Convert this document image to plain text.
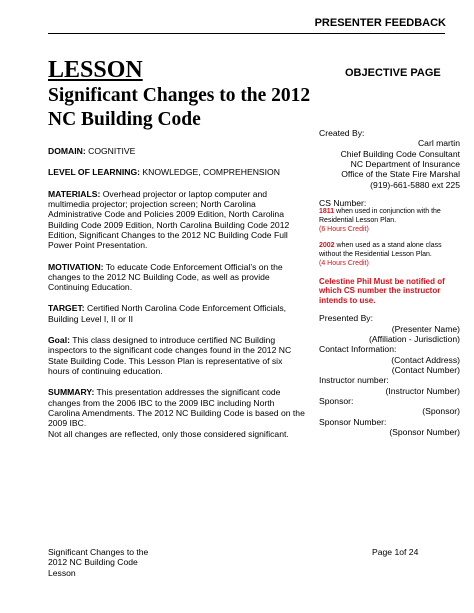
PRESENTER FEEDBACK
LESSON
Significant Changes to the 2012 NC Building Code
OBJECTIVE PAGE

DOMAIN: COGNITIVE

LEVEL OF LEARNING: KNOWLEDGE, COMPREHENSION

MATERIALS: Overhead projector or laptop computer and multimedia projector; projection screen; North Carolina Administrative Code and Policies 2009 Edition, North Carolina Building Code 2009 Edition, North Carolina Building Code 2012 Edition, Significant Changes to the 2012 NC Building Code Full Power Point Presentation.

MOTIVATION: To educate Code Enforcement Official’s on the changes to the 2012 NC Building Code, as well as provide Continuing Education.

TARGET: Certified North Carolina Code Enforcement Officials, Building Level I, II or II

Goal: This class designed to introduce certified NC Building inspectors to the significant code changes found in the 2012 NC State Building Code. This Lesson Plan is representative of six hours of continuing education.

SUMMARY: This presentation addresses the significant code changes from the 2006 IBC to the 2009 IBC including North Carolina Amendments. The 2012 NC Building Code is based on the 2009 IBC.

Not all changes are reflected, only those considered significant.

Created By:
Carl martin
Chief Building Code Consultant
NC Department of Insurance
Office of the State Fire Marshal
(919)-661-5880 ext 225
CS Number:
1811 when used in conjunction with the Residential Lesson Plan.
(6 Hours Credit)
2002 when used as a stand alone class without the Residential Lesson Plan.
(4 Hours Credit)
Celestine Phil Must be notified of which CS number the instructor intends to use.
Presented By:
(Presenter Name)
(Affiliation - Jurisdiction)
Contact Information:
(Contact Address)
(Contact Number)
Instructor number:
(Instructor Number)
Sponsor:
(Sponsor)
Sponsor Number:
(Sponsor Number)
Significant Changes to the
2012 NC Building Code
Lesson
Page 1of 24
